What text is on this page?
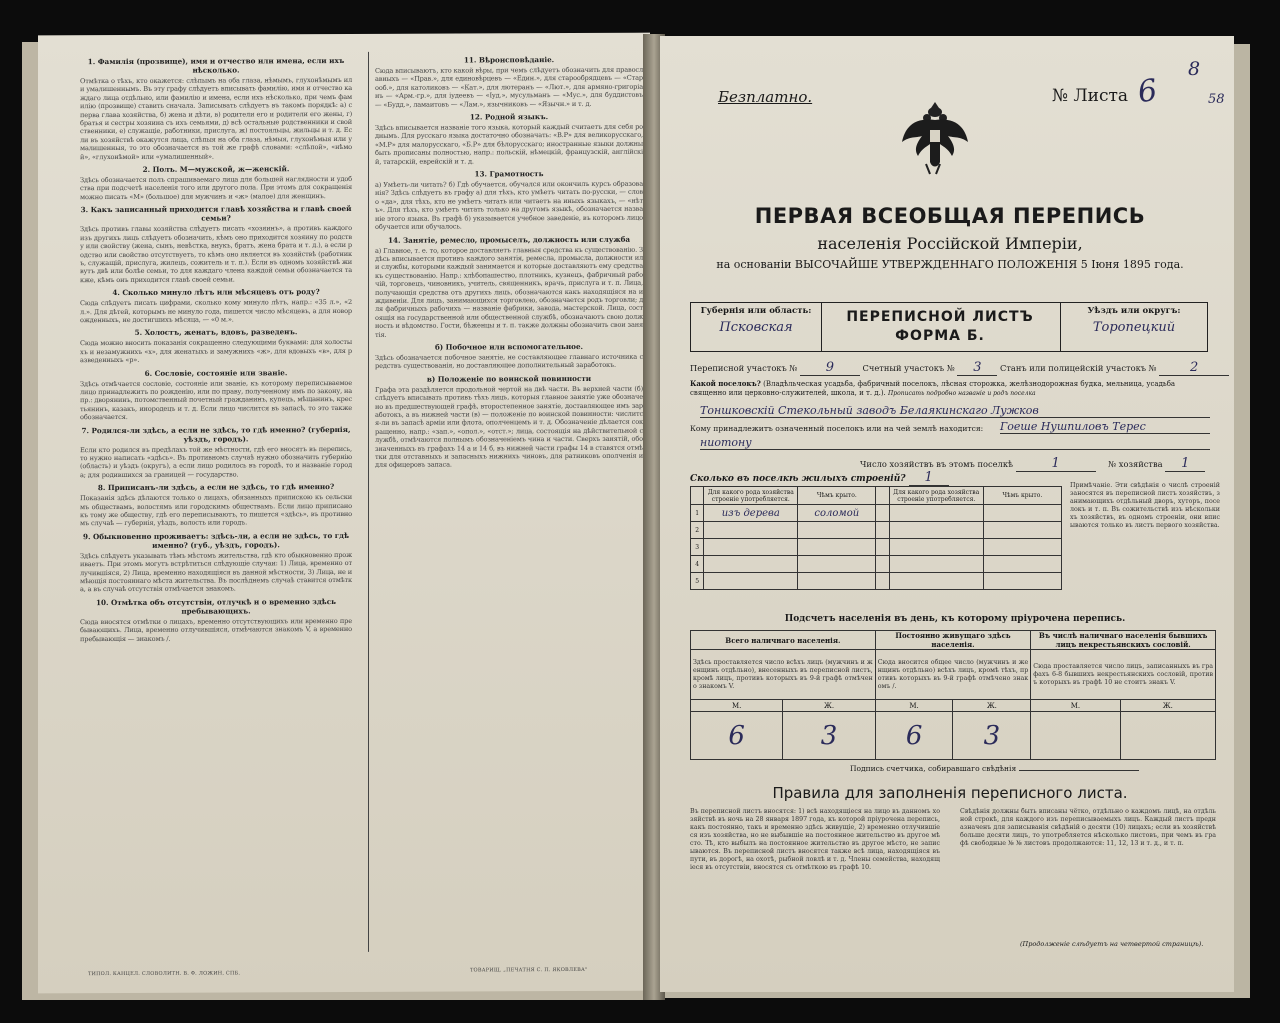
1. Фамилія (прозвище), имя и отчество или имена, если ихъ нѣсколько.
Отмѣтка о тѣхъ, кто окажется: слѣпымъ на оба глаза, нѣмымъ, глухонѣмымъ или умалишеннымъ. Въ эту графу слѣдуетъ вписывать фамилію, имя и отчество каждаго лица отдѣльно, или фамилію и имена, если ихъ нѣсколько, при чемъ фамилію (прозвище) ставить сначала. Записывать слѣдуетъ въ такомъ порядкѣ: а) сперва глава хозяйства, б) жена и дѣти, в) родители его и родители его жены, г) братья и сестры хозяина съ ихъ семьями, д) всѣ остальные родственники и свойственники, е) служащіе, работники, прислуга, ж) постояльцы, жильцы и т. д. Если въ хозяйствѣ окажутся лица, слѣпыя на оба глаза, нѣмыя, глухонѣмыя или умалишенныя, то это обозначается въ той же графѣ словами: «слѣпой», «нѣмой», «глухонѣмой» или «умалишенный».
2. Полъ. М—мужской, ж—женскій.
Здѣсь обозначается полъ спрашиваемаго лица для большей наглядности и удобства при подсчетѣ населенія того или другого пола. При этомъ для сокращенія можно писать «М» (большое) для мужчинъ и «ж» (малое) для женщинъ.
3. Какъ записанный приходится главѣ хозяйства и главѣ своей семьи?
Здѣсь противъ главы хозяйства слѣдуетъ писать «хозяинъ», а противъ каждого изъ другихъ лицъ слѣдуетъ обозначить, кѣмъ оно приходится хозяину по родству или свойству (жена, сынъ, невѣстка, внукъ, братъ, жена брата и т. д.), а если родство или свойство отсутствуетъ, то кѣмъ оно является въ хозяйствѣ (работникъ, служащій, прислуга, жилецъ, сожитель и т. п.). Если въ одномъ хозяйствѣ живутъ двѣ или болѣе семьи, то для каждаго члена каждой семьи обозначается также, кѣмъ онъ приходится главѣ своей семьи.
4. Сколько минуло лѣтъ или мѣсяцевъ отъ роду?
Сюда слѣдуетъ писать цифрами, сколько кому минуло лѣтъ, напр.: «35 л.», «2 л.». Для дѣтей, которымъ не минуло года, пишется число мѣсяцевъ, а для новорожденныхъ, не достигшихъ мѣсяца, — «0 м.».
5. Холостъ, женатъ, вдовъ, разведенъ.
Сюда можно вносить показанія сокращенно следующими буквами: для холостыхъ и незамужнихъ «х», для женатыхъ и замужнихъ «ж», для вдовыхъ «в», для разведенныхъ «р».
6. Сословіе, состояніе или званіе.
Здѣсь отмѣчается сословіе, состояніе или званіе, къ которому переписываемое лицо принадлежитъ по рожденію, или по праву, полученному имъ по закону, напр.: дворянинъ, потомственный почетный гражданинъ, купецъ, мѣщанинъ, крестьянинъ, казакъ, инородецъ и т. д. Если лицо числится въ запасѣ, то это также обозначается.
7. Родился-ли здѣсь, а если не здѣсь, то гдѣ именно? (губернія, уѣздъ, городъ).
Если кто родился въ предѣлахъ той же мѣстности, гдѣ его вносятъ въ перепись, то нужно написать «здѣсь». Въ противномъ случаѣ нужно обозначить губернію (область) и уѣздъ (округъ), а если лицо родилось въ городѣ, то и названіе города; для родившихся за границей — государство.
8. Приписанъ-ли здѣсь, а если не здѣсь, то гдѣ именно?
Показанія здѣсь дѣлаются только о лицахъ, обязанныхъ припискою къ сельскимъ обществамъ, волостямъ или городскимъ обществамъ. Если лицо приписано къ тому же обществу, гдѣ его переписываютъ, то пишется «здѣсь», въ противномъ случаѣ — губернія, уѣздъ, волость или городъ.
9. Обыкновенно проживаетъ: здѣсь-ли, а если не здѣсь, то гдѣ именно? (губ., уѣздъ, городъ).
Здѣсь слѣдуетъ указывать тѣмъ мѣстомъ жительства, гдѣ кто обыкновенно проживаетъ. При этомъ могутъ встрѣтиться слѣдующіе случаи: 1) Лица, временно отлучившіяся, 2) Лица, временно находящіяся въ данной мѣстности, 3) Лица, не имѣющія постояннаго мѣста жительства. Въ послѣднемъ случаѣ ставится отмѣтка, а въ случаѣ отсутствія отмѣчается знакомъ.
10. Отмѣтка объ отсутствіи, отлучкѣ и о временно здѣсь пребывающихъ.
Сюда вносятся отмѣтки о лицахъ, временно отсутствующихъ или временно пребывающихъ. Лица, временно отлучившіяся, отмѣчаются знакомъ V, а временно пребывающія — знакомъ /.
11. Вѣроисповѣданіе.
Сюда вписываютъ, кто какой вѣры, при чемъ слѣдуетъ обозначить для православныхъ — «Прав.», для единовѣрцевъ — «Един.», для старообрядцевъ — «Старооб.», для католиковъ — «Кат.», для лютеранъ — «Лют.», для армяно-григоріанъ — «Арм.-гр.», для іудеевъ — «Іуд.», мусульманъ — «Мус.», для буддистовъ — «Будд.», ламаитовъ — «Лам.», язычниковъ — «Язычн.» и т. д.
12. Родной языкъ.
Здѣсь вписывается названіе того языка, который каждый считаетъ для себя роднымъ. Для русскаго языка достаточно обозначать: «В.Р» для великорусскаго, «М.Р» для малорусскаго, «Б.Р» для бѣлорусскаго; иностранные языки должны быть прописаны полностью, напр.: польскій, нѣмецкій, французскій, англійскій, татарскій, еврейскій и т. д.
13. Грамотность
а) Умѣетъ-ли читать? б) Гдѣ обучается, обучался или окончилъ курсъ образованія? Здѣсь слѣдуетъ въ графу а) для тѣхъ, кто умѣетъ читать по-русски, — слово «да», для тѣхъ, кто не умѣетъ читать или читаетъ на иныхъ языкахъ, — «нѣтъ». Для тѣхъ, кто умѣетъ читать только на другомъ языкѣ, обозначается названіе этого языка. Въ графѣ б) указывается учебное заведеніе, въ которомъ лицо обучается или обучалось.
14. Занятіе, ремесло, промыселъ, должность или служба
а) Главное, т. е. то, которое доставляетъ главныя средства къ существованію. Здѣсь вписывается противъ каждого занятія, ремесла, промысла, должности или службы, которыми каждый занимается и которые доставляютъ ему средства къ существованію. Напр.: хлѣбопашество, плотникъ, кузнецъ, фабричный рабочій, торговецъ, чиновникъ, учитель, священникъ, врачъ, прислуга и т. п. Лица, получающія средства отъ другихъ лицъ, обозначаются какъ находящіяся на иждивеніи. Для лицъ, занимающихся торговлею, обозначается родъ торговли; для фабричныхъ рабочихъ — названіе фабрики, завода, мастерской. Лица, состоящія на государственной или общественной службѣ, обозначаютъ свою должность и вѣдомство. Гости, бѣженцы и т. п. также должны обозначить свои занятія.
б) Побочное или вспомогательное.
Здѣсь обозначается побочное занятіе, не составляющее главнаго источника средствъ существованія, но доставляющее дополнительный заработокъ.
в) Положеніе по воинской повинности
Графа эта раздѣляется продольной чертой на двѣ части. Въ верхней части (б) слѣдуетъ вписывать противъ тѣхъ лицъ, которыя главное занятіе уже обозначено въ предшествующей графѣ, второстепенное занятіе, доставляющее имъ заработокъ, а въ нижней части (в) — положеніе по воинской повинности: числится-ли въ запасѣ армiи или флота, ополченцемъ и т. д. Обозначеніе дѣлается сокращенно, напр.: «зап.», «опол.», «отст.»; лица, состоящія на дѣйствительной службѣ, отмѣчаются полнымъ обозначеніемъ чина и части. Сверхъ занятій, обозначенныхъ въ графахъ 14 а и 14 б, въ нижней части графы 14 в ставятся отмѣтки для отставныхъ и запасныхъ нижнихъ чиновъ, для ратниковъ ополченія и для офицеровъ запаса.
ТИПОЛ. КАНЦЕЛ. СЛОВОЛИТН. В. Ф. ЛОЖИН, СПБ.
ТОВАРИЩ. „ПЕЧАТНЯ С. П. ЯКОВЛЕВА"
Безплатно.	№ Листа 6
8
58
ПЕРВАЯ ВСЕОБЩАЯ ПЕРЕПИСЬ
населенія Россійской Имперіи,
на основаніи ВЫСОЧАЙШЕ УТВЕРЖДЕННАГО ПОЛОЖЕНІЯ 5 Іюня 1895 года.
Губернія или область:
Псковская
ПЕРЕПИСНОЙ ЛИСТЪ
ФОРМА Б.
Уѣздъ или округъ:
Торопецкий
Переписной участокъ № 9	Счетный участокъ № 3 Станъ или полицейскій участокъ №	2
Какой поселокъ? (Владѣльческая усадьба, фабричный поселокъ, лѣсная сторожка, желѣзнодорожная будка, мельница, усадьба священно или церковно-служителей, школа, и т. д.). Прописать подробно названіе и родъ поселка
Тоншковскій Стекольный заводъ Белаякинскаго Лужков
Кому принадлежитъ означенный поселокъ или на чей землѣ находится: Гоеше Нушпиловъ Терес
ниотону
Число хозяйствъ въ этомъ поселкѣ	1	№ хозяйства 1
Сколько въ поселкѣ жилыхъ строеній? 1
	Для какого рода хозяйства строеніе употребляется.	Чѣмъ крыто.		Для какого рода хозяйства строеніе употребляется.	Чѣмъ крыто.
1	изъ дерева	соломой			
2					
3					
4					
5					
Примѣчаніе. Эти свѣдѣнія о числѣ строеній заносятся въ переписной листъ хозяйствъ, занимающихъ отдѣльный дворъ, хуторъ, поселокъ и т. п. Въ сожительствѣ изъ нѣсколькихъ хозяйствъ, въ одномъ строеніи, они вписываются только въ листъ первого хозяйства.
Подсчетъ населенія въ день, къ которому пріурочена перепись.
Всего наличнаго населенія.		Постоянно живущаго здѣсь населенія.		Въ числѣ наличнаго населенія бывшихъ лицъ некрестьянскихъ сословій.	
Здѣсь проставляется число всѣхъ лицъ (мужчинъ и женщинъ отдѣльно), внесенныхъ въ переписной листъ, кромѣ лицъ, противъ которыхъ въ 9-й графѣ отмѣчено знакомъ V.		Сюда вносится общее число (мужчинъ и женщинъ отдѣльно) всѣхъ лицъ, кромѣ тѣхъ, противъ которыхъ въ 9-й графѣ отмѣчено знакомъ /.		Сюда проставляется число лицъ, записанныхъ въ графахъ 6-8 бывшихъ некрестьянскихъ сословій, противъ которыхъ въ графѣ 10 не стоитъ знакъ V.	
М.	Ж.	М.	Ж.	М.	Ж.
6	3	6	3		
Подпись счетчика, собиравшаго свѣдѣнія
Правила для заполненія переписного листа.
Въ переписной листъ вносятся: 1) всѣ находящіеся на лицо въ данномъ хозяйствѣ въ ночь на 28 января 1897 года, къ которой пріурочена перепись, какъ постоянно, такъ и временно здѣсь живущіе, 2) временно отлучившіеся изъ хозяйства, но не выбывшіе на постоянное жительство въ другое мѣсто. Тѣ, кто выбылъ на постоянное жительство въ другое мѣсто, не записываются. Въ переписной листъ вносятся также всѣ лица, находящіяся въ пути, въ дорогѣ, на охотѣ, рыбной ловлѣ и т. д. Члены семейства, находящіеся въ отсутствіи, вносятся съ отмѣткою въ графѣ 10.
Свѣдѣнія должны быть вписаны чётко, отдѣльно о каждомъ лицѣ, на отдѣльной строкѣ, для каждого изъ переписываемыхъ лицъ. Каждый листъ предназначенъ для записыванія свѣдѣній о десяти (10) лицахъ; если въ хозяйствѣ больше десяти лицъ, то употребляется нѣсколько листовъ, при чемъ въ графѣ свободные № № листовъ продолжаются: 11, 12, 13 и т. д., и т. п.
(Продолженіе слѣдуетъ на четвертой страницѣ).
